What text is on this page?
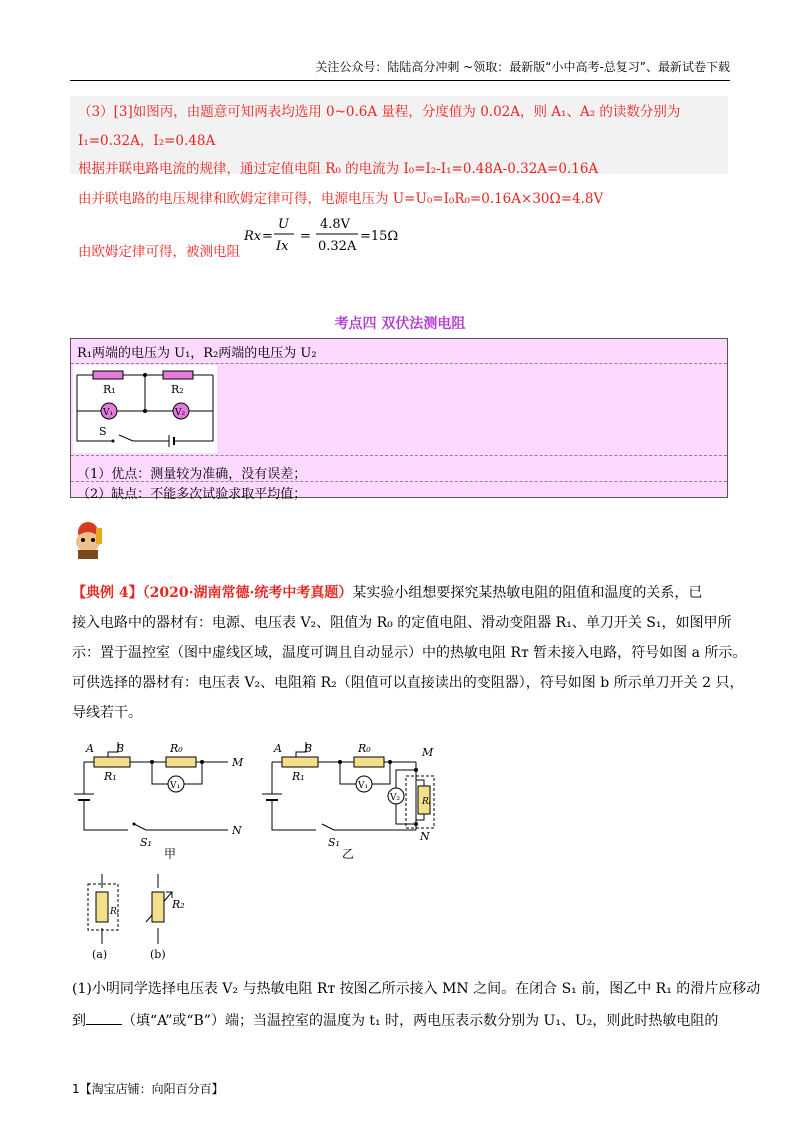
关注公众号：陆陆高分冲刺 ~领取：最新版“小中高考-总复习”、最新试卷下载
（3）[3]如图丙，由题意可知两表均选用 0~0.6A 量程，分度值为 0.02A，则 A₁、A₂ 的读数分别为
I₁=0.32A，I₂=0.48A
根据并联电路电流的规律，通过定值电阻 R₀ 的电流为 I₀=I₂-I₁=0.48A-0.32A=0.16A
由并联电路的电压规律和欧姆定律可得，电源电压为 U=U₀=I₀R₀=0.16A×30Ω=4.8V
由欧姆定律可得，被测电阻
Rx =
U
Ix
=
4.8V
0.32A
=15Ω
考点四 双伏法测电阻
R₁两端的电压为 U₁，R₂两端的电压为 U₂
R₁	R₂
V₁	V₂
S
（1）优点：测量较为准确，没有误差；
（2）缺点：不能多次试验求取平均值；
【典例 4】（2020·湖南常德·统考中考真题）某实验小组想要探究某热敏电阻的阻值和温度的关系，已
接入电路中的器材有：电源、电压表 V₂、阻值为 R₀ 的定值电阻、滑动变阻器 R₁、单刀开关 S₁，如图甲所
示：置于温控室（图中虚线区域，温度可调且自动显示）中的热敏电阻 Rт 暂未接入电路，符号如图 a 所示。
可供选择的器材有：电压表 V₂、电阻箱 R₂（阻值可以直接读出的变阻器），符号如图 b 所示单刀开关 2 只，
导线若干。
A B
R₁
R₀
V₁
M
N
S₁
甲
A B
R₁
R₀
V₁
V₂ Rₜ
M
N
S₁
乙
Rₜ
R₂
(a)	(b)
(1)小明同学选择电压表 V₂ 与热敏电阻 Rт 按图乙所示接入 MN 之间。在闭合 S₁ 前，图乙中 R₁ 的滑片应移动
到	（填“A”或“B”）端；当温控室的温度为 t₁ 时，两电压表示数分别为 U₁、U₂，则此时热敏电阻的
1【淘宝店铺：向阳百分百】
